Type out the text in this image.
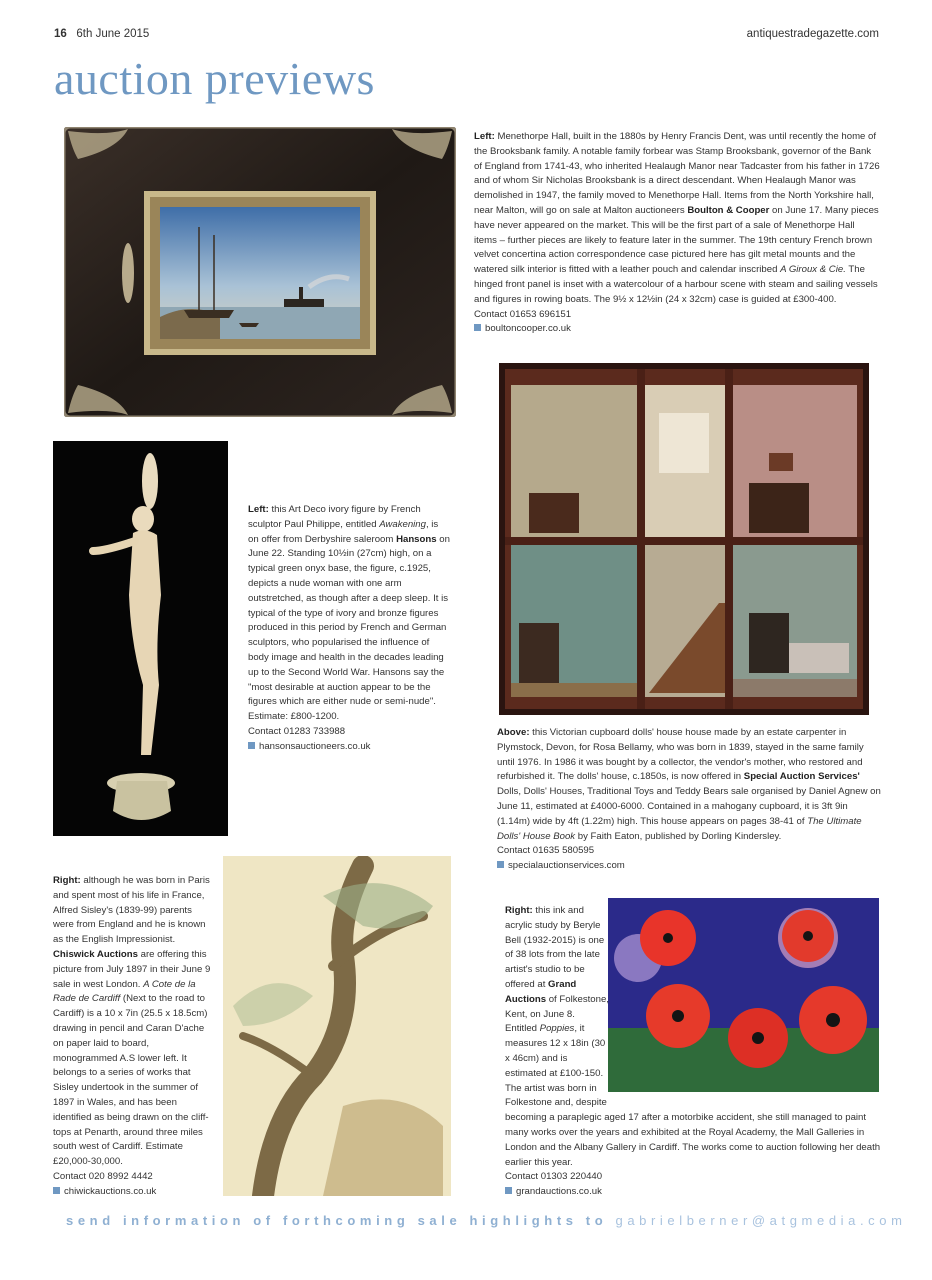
16 6th June 2015	antiquestradegazette.com
auction previews

Left: Menethorpe Hall, built in the 1880s by Henry Francis Dent, was until recently the home of the Brooksbank family. A notable family forbear was Stamp Brooksbank, governor of the Bank of England from 1741-43, who inherited Healaugh Manor near Tadcaster from his father in 1726 and of whom Sir Nicholas Brooksbank is a direct descendant. When Healaugh Manor was demolished in 1947, the family moved to Menethorpe Hall. Items from the North Yorkshire hall, near Malton, will go on sale at Malton auctioneers Boulton & Cooper on June 17. Many pieces have never appeared on the market. This will be the first part of a sale of Menethorpe Hall items – further pieces are likely to feature later in the summer. The 19th century French brown velvet concertina action correspondence case pictured here has gilt metal mounts and the watered silk interior is fitted with a leather pouch and calendar inscribed A Giroux & Cie. The hinged front panel is inset with a watercolour of a harbour scene with steam and sailing vessels and figures in rowing boats. The 9½ x 12½in (24 x 32cm) case is guided at £300-400.

Contact 01653 696151

boultoncooper.co.uk

Left: this Art Deco ivory figure by French sculptor Paul Philippe, entitled Awakening, is on offer from Derbyshire saleroom Hansons on June 22. Standing 10½in (27cm) high, on a typical green onyx base, the figure, c.1925, depicts a nude woman with one arm outstretched, as though after a deep sleep. It is typical of the type of ivory and bronze figures produced in this period by French and German sculptors, who popularised the influence of body image and health in the decades leading up to the Second World War. Hansons say the "most desirable at auction appear to be the figures which are either nude or semi-nude".

Estimate: £800-1200.

Contact 01283 733988

hansonsauctioneers.co.uk

Above: this Victorian cupboard dolls' house house made by an estate carpenter in Plymstock, Devon, for Rosa Bellamy, who was born in 1839, stayed in the same family until 1976. In 1986 it was bought by a collector, the vendor's mother, who restored and refurbished it. The dolls' house, c.1850s, is now offered in Special Auction Services' Dolls, Dolls' Houses, Traditional Toys and Teddy Bears sale organised by Daniel Agnew on June 11, estimated at £4000-6000. Contained in a mahogany cupboard, it is 3ft 9in (1.14m) wide by 4ft (1.22m) high. This house appears on pages 38-41 of The Ultimate Dolls' House Book by Faith Eaton, published by Dorling Kindersley.

Contact 01635 580595

specialauctionservices.com

Right: although he was born in Paris and spent most of his life in France, Alfred Sisley's (1839-99) parents were from England and he is known as the English Impressionist. Chiswick Auctions are offering this picture from July 1897 in their June 9 sale in west London. A Cote de la Rade de Cardiff (Next to the road to Cardiff) is a 10 x 7in (25.5 x 18.5cm) drawing in pencil and Caran D'ache on paper laid to board, monogrammed A.S lower left. It belongs to a series of works that Sisley undertook in the summer of 1897 in Wales, and has been identified as being drawn on the cliff-tops at Penarth, around three miles south west of Cardiff. Estimate £20,000-30,000.

Contact 020 8992 4442

chiwickauctions.co.uk

Right: this ink and acrylic study by Beryle Bell (1932-2015) is one of 38 lots from the late artist's studio to be offered at Grand Auctions of Folkestone, Kent, on June 8. Entitled Poppies, it measures 12 x 18in (30 x 46cm) and is estimated at £100-150. The artist was born in Folkestone and, despite becoming a paraplegic aged 17 after a motorbike accident, she still managed to paint many works over the years and exhibited at the Royal Academy, the Mall Galleries in London and the Albany Gallery in Cardiff. The works come to auction following her death earlier this year.

Contact 01303 220440

grandauctions.co.uk

send information of forthcoming sale highlights to gabrielberner@atgmedia.com
